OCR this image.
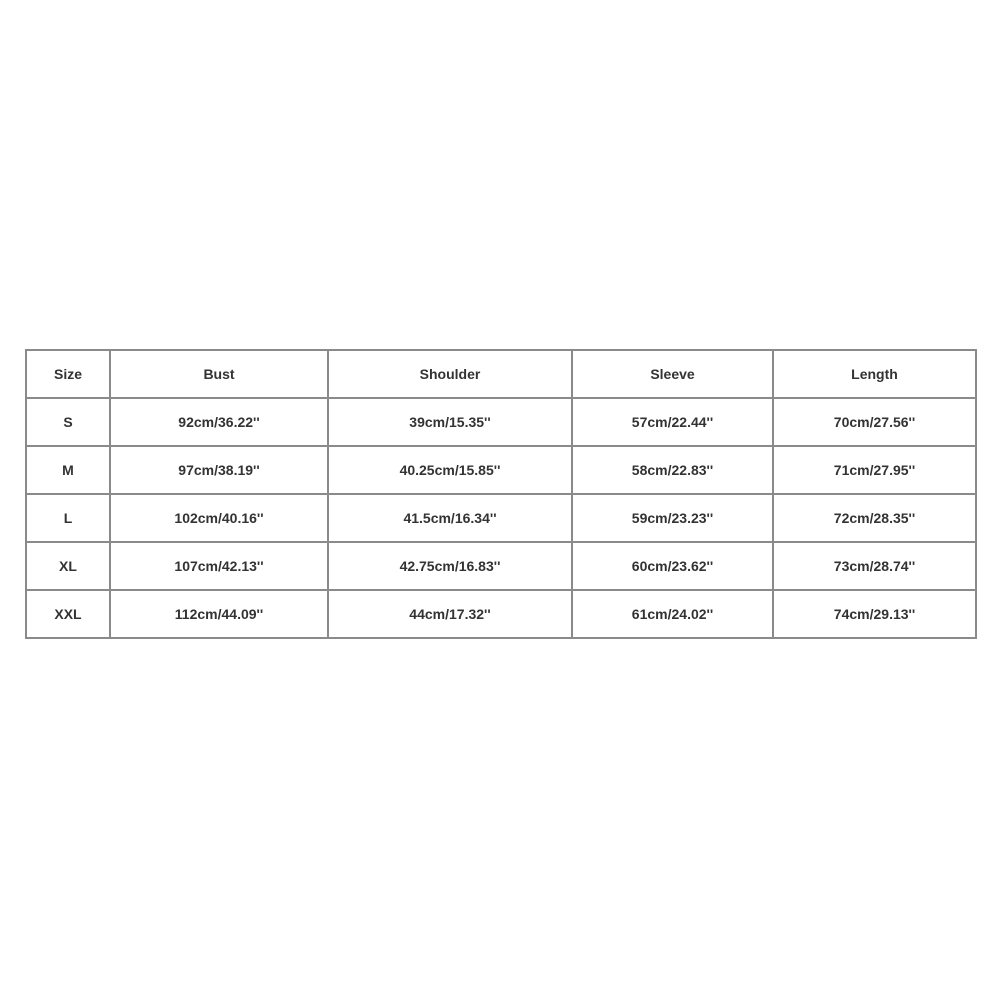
Size	Bust	Shoulder	Sleeve	Length
S	92cm/36.22''	39cm/15.35''	57cm/22.44''	70cm/27.56''
M	97cm/38.19''	40.25cm/15.85''	58cm/22.83''	71cm/27.95''
L	102cm/40.16''	41.5cm/16.34''	59cm/23.23''	72cm/28.35''
XL	107cm/42.13''	42.75cm/16.83''	60cm/23.62''	73cm/28.74''
XXL	112cm/44.09''	44cm/17.32''	61cm/24.02''	74cm/29.13''
